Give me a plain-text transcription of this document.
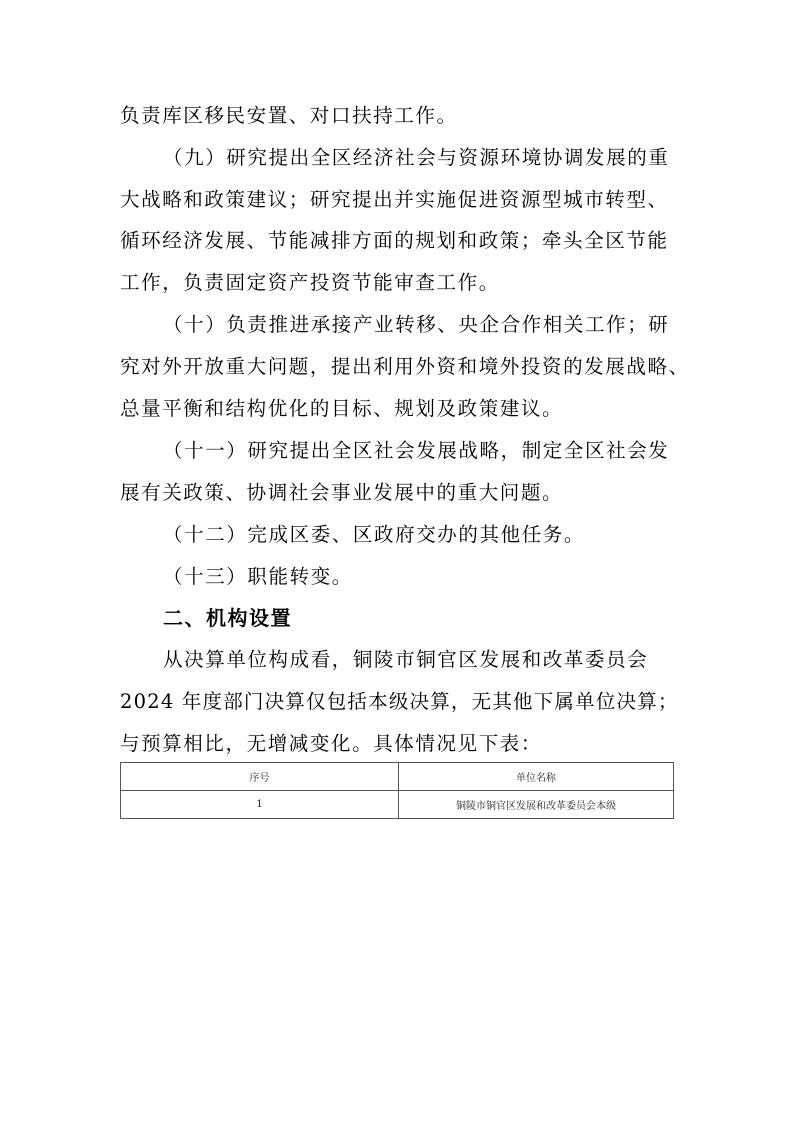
负责库区移民安置、对口扶持工作。
（九）研究提出全区经济社会与资源环境协调发展的重
大战略和政策建议；研究提出并实施促进资源型城市转型、
循环经济发展、节能减排方面的规划和政策；牵头全区节能
工作，负责固定资产投资节能审查工作。
（十）负责推进承接产业转移、央企合作相关工作；研
究对外开放重大问题，提出利用外资和境外投资的发展战略、
总量平衡和结构优化的目标、规划及政策建议。
（十一）研究提出全区社会发展战略，制定全区社会发
展有关政策、协调社会事业发展中的重大问题。
（十二）完成区委、区政府交办的其他任务。
（十三）职能转变。
二、机构设置
从决算单位构成看，铜陵市铜官区发展和改革委员会
2024 年度部门决算仅包括本级决算，无其他下属单位决算；
与预算相比，无增减变化。具体情况见下表：
序号	单位名称
1	铜陵市铜官区发展和改革委员会本级
